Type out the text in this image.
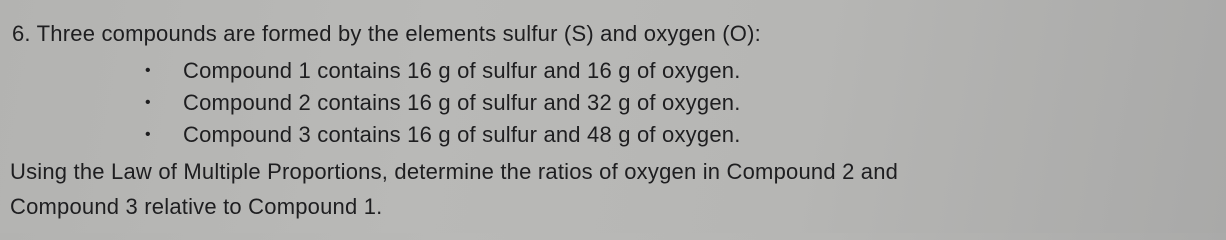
6. Three compounds are formed by the elements sulfur (S) and oxygen (O):
• Compound 1 contains 16 g of sulfur and 16 g of oxygen.
• Compound 2 contains 16 g of sulfur and 32 g of oxygen.
• Compound 3 contains 16 g of sulfur and 48 g of oxygen.
Using the Law of Multiple Proportions, determine the ratios of oxygen in Compound 2 and
Compound 3 relative to Compound 1.
